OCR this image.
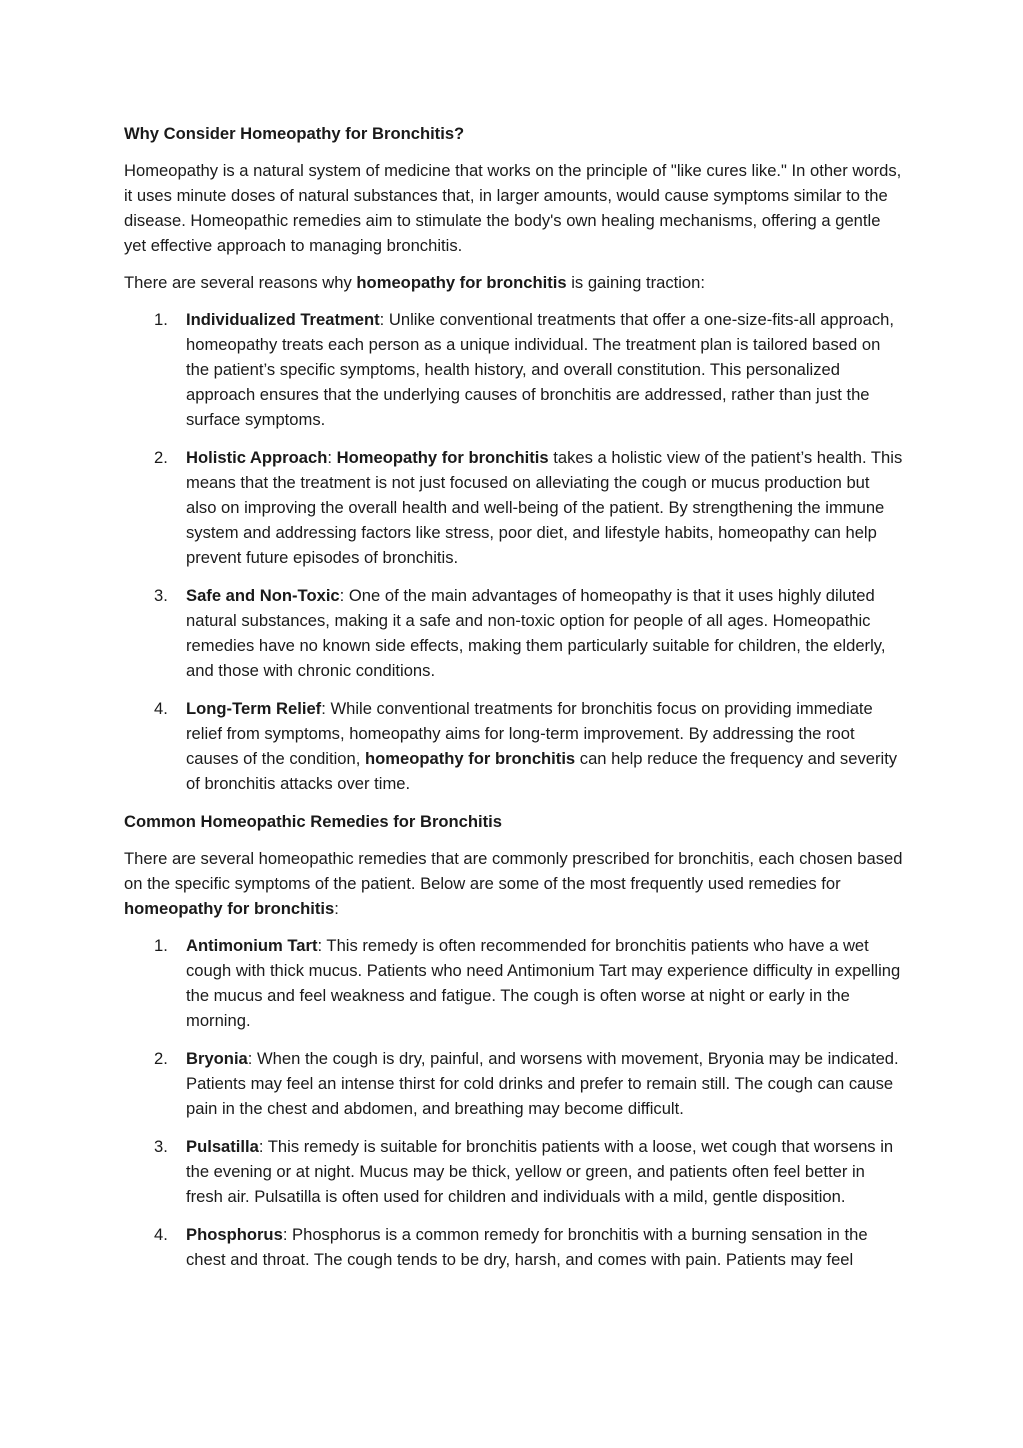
Why Consider Homeopathy for Bronchitis?
Homeopathy is a natural system of medicine that works on the principle of "like cures like." In other words, it uses minute doses of natural substances that, in larger amounts, would cause symptoms similar to the disease. Homeopathic remedies aim to stimulate the body's own healing mechanisms, offering a gentle yet effective approach to managing bronchitis.
There are several reasons why homeopathy for bronchitis is gaining traction:
1. Individualized Treatment: Unlike conventional treatments that offer a one-size-fits-all approach, homeopathy treats each person as a unique individual. The treatment plan is tailored based on the patient’s specific symptoms, health history, and overall constitution. This personalized approach ensures that the underlying causes of bronchitis are addressed, rather than just the surface symptoms.
2. Holistic Approach: Homeopathy for bronchitis takes a holistic view of the patient’s health. This means that the treatment is not just focused on alleviating the cough or mucus production but also on improving the overall health and well-being of the patient. By strengthening the immune system and addressing factors like stress, poor diet, and lifestyle habits, homeopathy can help prevent future episodes of bronchitis.
3. Safe and Non-Toxic: One of the main advantages of homeopathy is that it uses highly diluted natural substances, making it a safe and non-toxic option for people of all ages. Homeopathic remedies have no known side effects, making them particularly suitable for children, the elderly, and those with chronic conditions.
4. Long-Term Relief: While conventional treatments for bronchitis focus on providing immediate relief from symptoms, homeopathy aims for long-term improvement. By addressing the root causes of the condition, homeopathy for bronchitis can help reduce the frequency and severity of bronchitis attacks over time.
Common Homeopathic Remedies for Bronchitis
There are several homeopathic remedies that are commonly prescribed for bronchitis, each chosen based on the specific symptoms of the patient. Below are some of the most frequently used remedies for homeopathy for bronchitis:
1. Antimonium Tart: This remedy is often recommended for bronchitis patients who have a wet cough with thick mucus. Patients who need Antimonium Tart may experience difficulty in expelling the mucus and feel weakness and fatigue. The cough is often worse at night or early in the morning.
2. Bryonia: When the cough is dry, painful, and worsens with movement, Bryonia may be indicated. Patients may feel an intense thirst for cold drinks and prefer to remain still. The cough can cause pain in the chest and abdomen, and breathing may become difficult.
3. Pulsatilla: This remedy is suitable for bronchitis patients with a loose, wet cough that worsens in the evening or at night. Mucus may be thick, yellow or green, and patients often feel better in fresh air. Pulsatilla is often used for children and individuals with a mild, gentle disposition.
4. Phosphorus: Phosphorus is a common remedy for bronchitis with a burning sensation in the chest and throat. The cough tends to be dry, harsh, and comes with pain. Patients may feel
